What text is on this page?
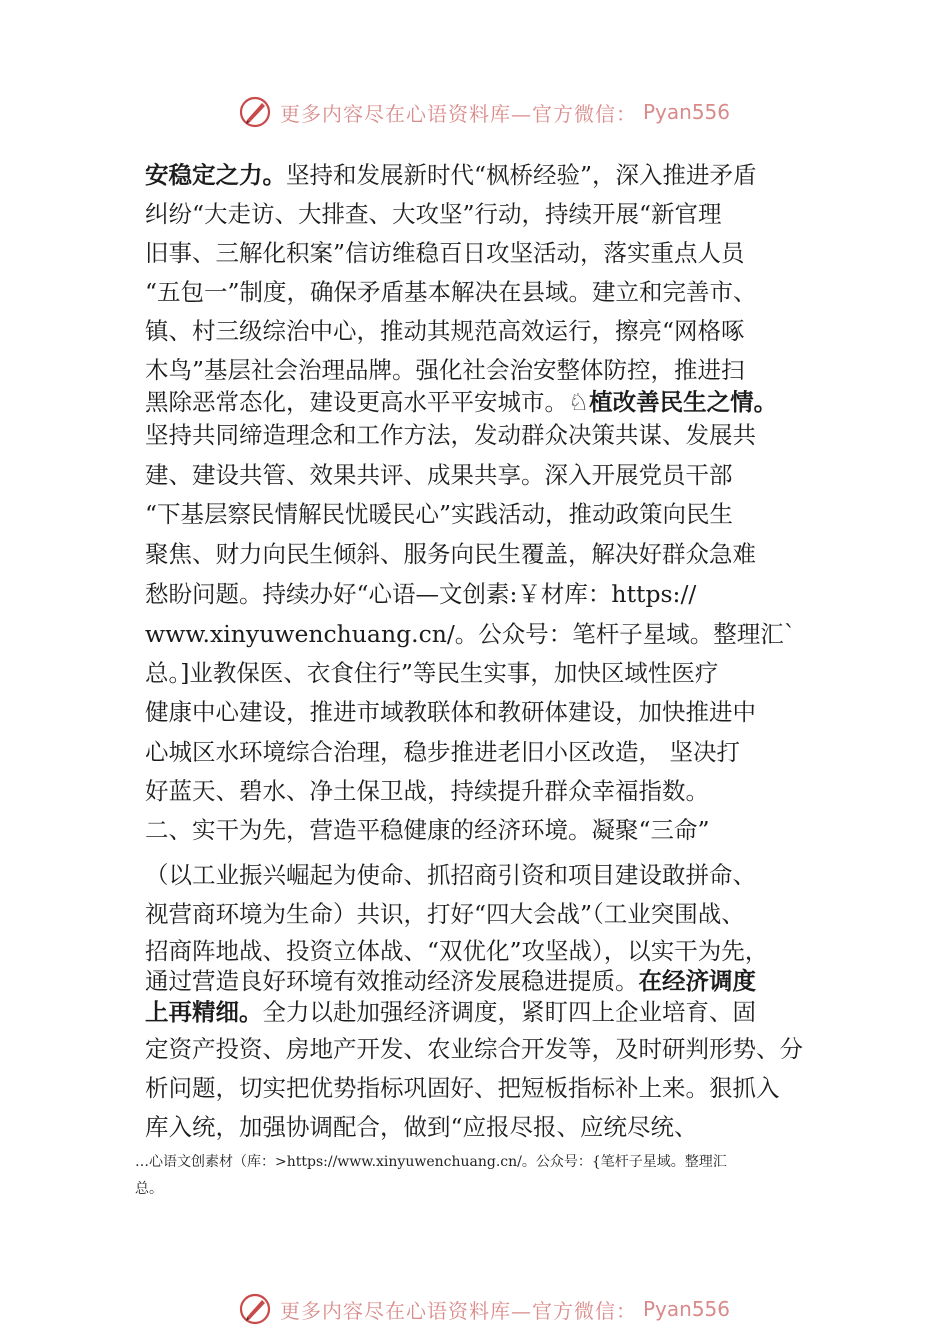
更多内容尽在心语资料库—官方微信： Pyan556
安稳定之力。坚持和发展新时代“枫桥经验”，深入推进矛盾
纠纷“大走访、大排查、大攻坚”行动，持续开展“新官理
旧事、三解化积案”信访维稳百日攻坚活动，落实重点人员
“五包一”制度，确保矛盾基本解决在县域。建立和完善市、
镇、村三级综治中心，推动其规范高效运行，擦亮“网格啄
木鸟”基层社会治理品牌。强化社会治安整体防控，推进扫
黑除恶常态化，建设更高水平平安城市。♘植改善民生之情。
坚持共同缔造理念和工作方法，发动群众决策共谋、发展共
建、建设共管、效果共评、成果共享。深入开展党员干部
“下基层察民情解民忧暖民心”实践活动，推动政策向民生
聚焦、财力向民生倾斜、服务向民生覆盖，解决好群众急难
愁盼问题。持续办好“心语—文创素:￥材库：https://
www.xinyuwenchuang.cn/。公众号：笔杆子星域。整理汇`
总。]业教保医、衣食住行”等民生实事，加快区域性医疗
健康中心建设，推进市域教联体和教研体建设，加快推进中
心城区水环境综合治理，稳步推进老旧小区改造， 坚决打
好蓝天、碧水、净土保卫战，持续提升群众幸福指数。
二、实干为先，营造平稳健康的经济环境。凝聚“三命”
（以工业振兴崛起为使命、抓招商引资和项目建设敢拼命、
视营商环境为生命）共识，打好“四大会战”（工业突围战、
招商阵地战、投资立体战、“双优化”攻坚战），以实干为先，
通过营造良好环境有效推动经济发展稳进提质。在经济调度
上再精细。全力以赴加强经济调度，紧盯四上企业培育、固
定资产投资、房地产开发、农业综合开发等，及时研判形势、分
析问题，切实把优势指标巩固好、把短板指标补上来。狠抓入
库入统，加强协调配合，做到“应报尽报、应统尽统、
…心语文创素材（库：>https://www.xinyuwenchuang.cn/。公众号：{笔杆子星域。整理汇
总。
更多内容尽在心语资料库—官方微信： Pyan556
